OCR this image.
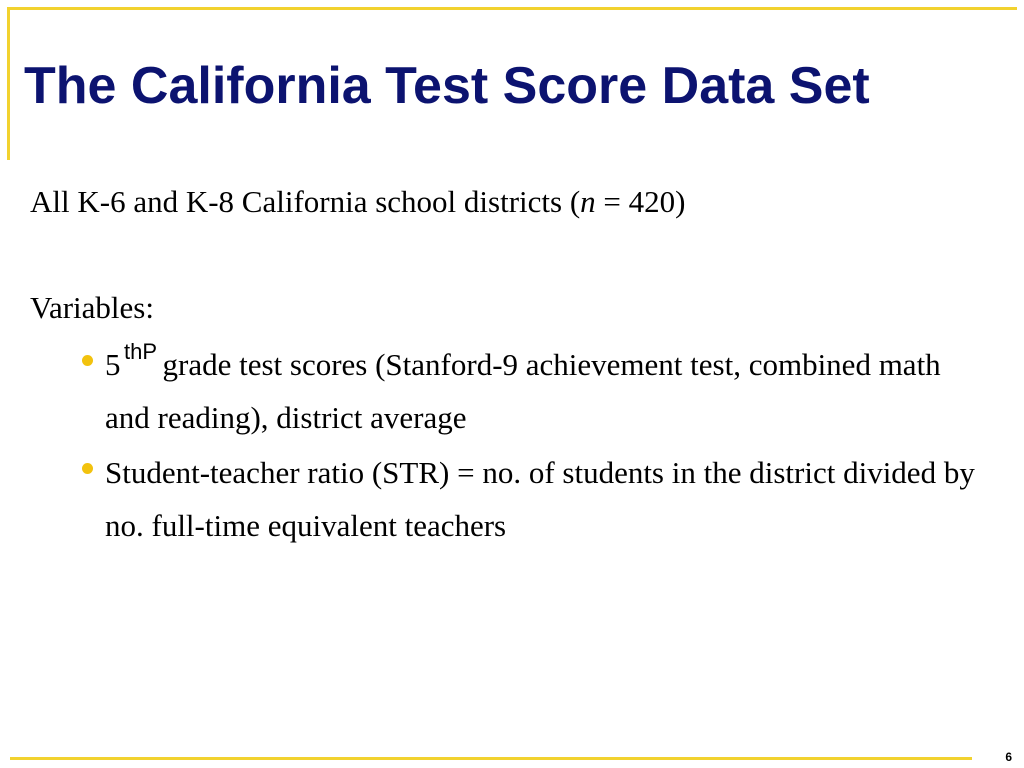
The California Test Score Data Set
All K-6 and K-8 California school districts (n = 420)
Variables:
5 grade test scores (Stanford-9 achievement test, combined math and reading), district average
thP
Student-teacher ratio (STR) = no. of students in the district divided by no. full-time equivalent teachers
6
